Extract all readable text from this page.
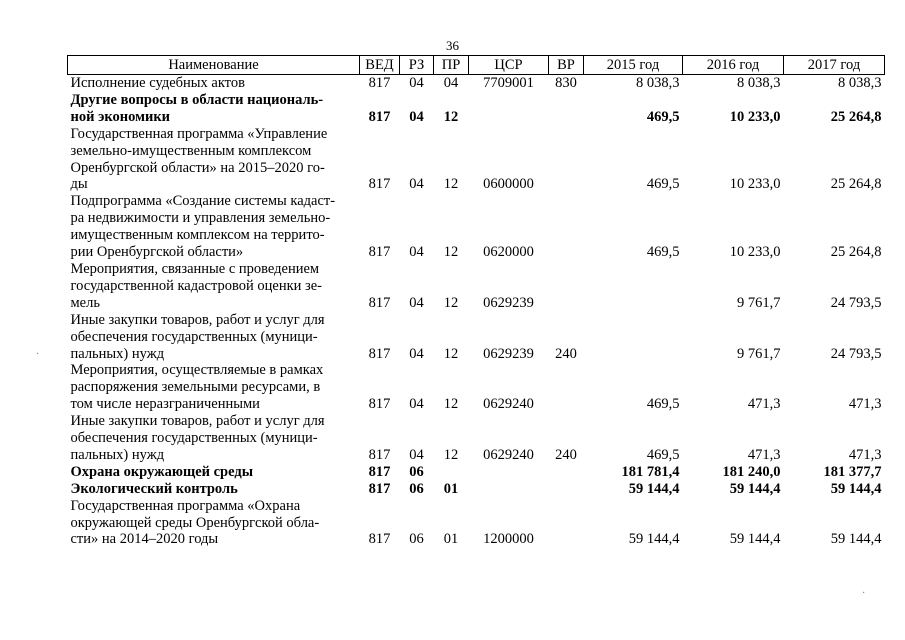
36
Наименование	ВЕД	РЗ	ПР	ЦСР	ВР	2015 год	2016 год	2017 год
Исполнение судебных актов	817	04	04	7709001	830	8 038,3	8 038,3	8 038,3
Другие вопросы в области националь-
ной экономики	817	04	12			469,5	10 233,0	25 264,8
Государственная программа «Управление
земельно-имущественным комплексом
Оренбургской области» на 2015–2020 го-
ды	817	04	12	0600000		469,5	10 233,0	25 264,8
Подпрограмма «Создание системы кадаст-
ра недвижимости и управления земельно-
имущественным комплексом на террито-
рии Оренбургской области»	817	04	12	0620000		469,5	10 233,0	25 264,8
Мероприятия, связанные с проведением
государственной кадастровой оценки зе-
мель	817	04	12	0629239			9 761,7	24 793,5
Иные закупки товаров, работ и услуг для
обеспечения государственных (муници-
пальных) нужд	817	04	12	0629239	240		9 761,7	24 793,5
Мероприятия, осуществляемые в рамках
распоряжения земельными ресурсами, в
том числе неразграниченными	817	04	12	0629240		469,5	471,3	471,3
Иные закупки товаров, работ и услуг для
обеспечения государственных (муници-
пальных) нужд	817	04	12	0629240	240	469,5	471,3	471,3
Охрана окружающей среды	817	06				181 781,4	181 240,0	181 377,7
Экологический контроль	817	06	01			59 144,4	59 144,4	59 144,4
Государственная программа «Охрана
окружающей среды Оренбургской обла-
сти» на 2014–2020 годы	817	06	01	1200000		59 144,4	59 144,4	59 144,4
·
·
